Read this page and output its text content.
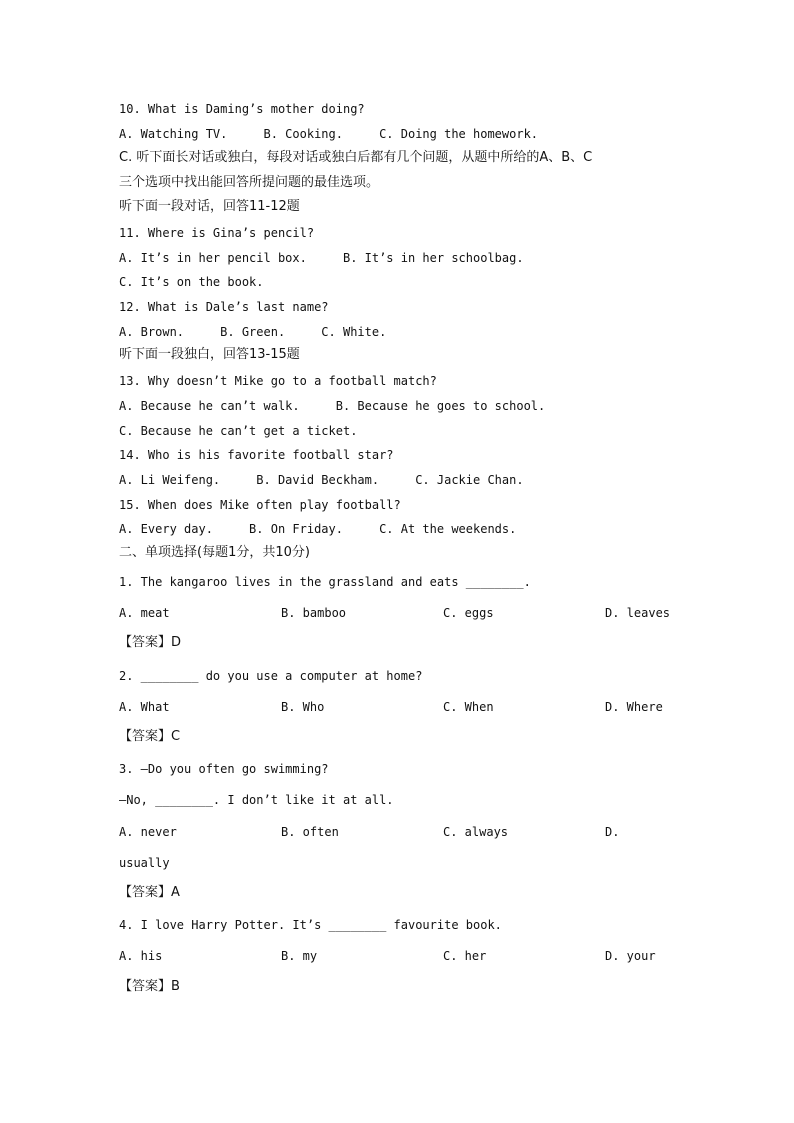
10. What is Daming’s mother doing?
A. Watching TV.     B. Cooking.     C. Doing the homework.
C. 听下面长对话或独白，每段对话或独白后都有几个问题，从题中所给的A、B、C
三个选项中找出能回答所提问题的最佳选项。
听下面一段对话，回答11-12题
11. Where is Gina’s pencil?
A. It’s in her pencil box.     B. It’s in her schoolbag.
C. It’s on the book.
12. What is Dale’s last name?
A. Brown.     B. Green.     C. White.
听下面一段独白，回答13-15题
13. Why doesn’t Mike go to a football match?
A. Because he can’t walk.     B. Because he goes to school.
C. Because he can’t get a ticket.
14. Who is his favorite football star?
A. Li Weifeng.     B. David Beckham.     C. Jackie Chan.
15. When does Mike often play football?
A. Every day.     B. On Friday.     C. At the weekends.
二、单项选择(每题1分，共10分)
1. The kangaroo lives in the grassland and eats ________.
A. meat	B. bamboo	C. eggs	D. leaves
【答案】D
2. ________ do you use a computer at home?
A. What	B. Who	C. When	D. Where
【答案】C
3. —Do you often go swimming?
—No, ________. I don’t like it at all.
A. never	B. often	C. always	D.
usually
【答案】A
4. I love Harry Potter. It’s ________ favourite book.
A. his	B. my	C. her	D. your
【答案】B
